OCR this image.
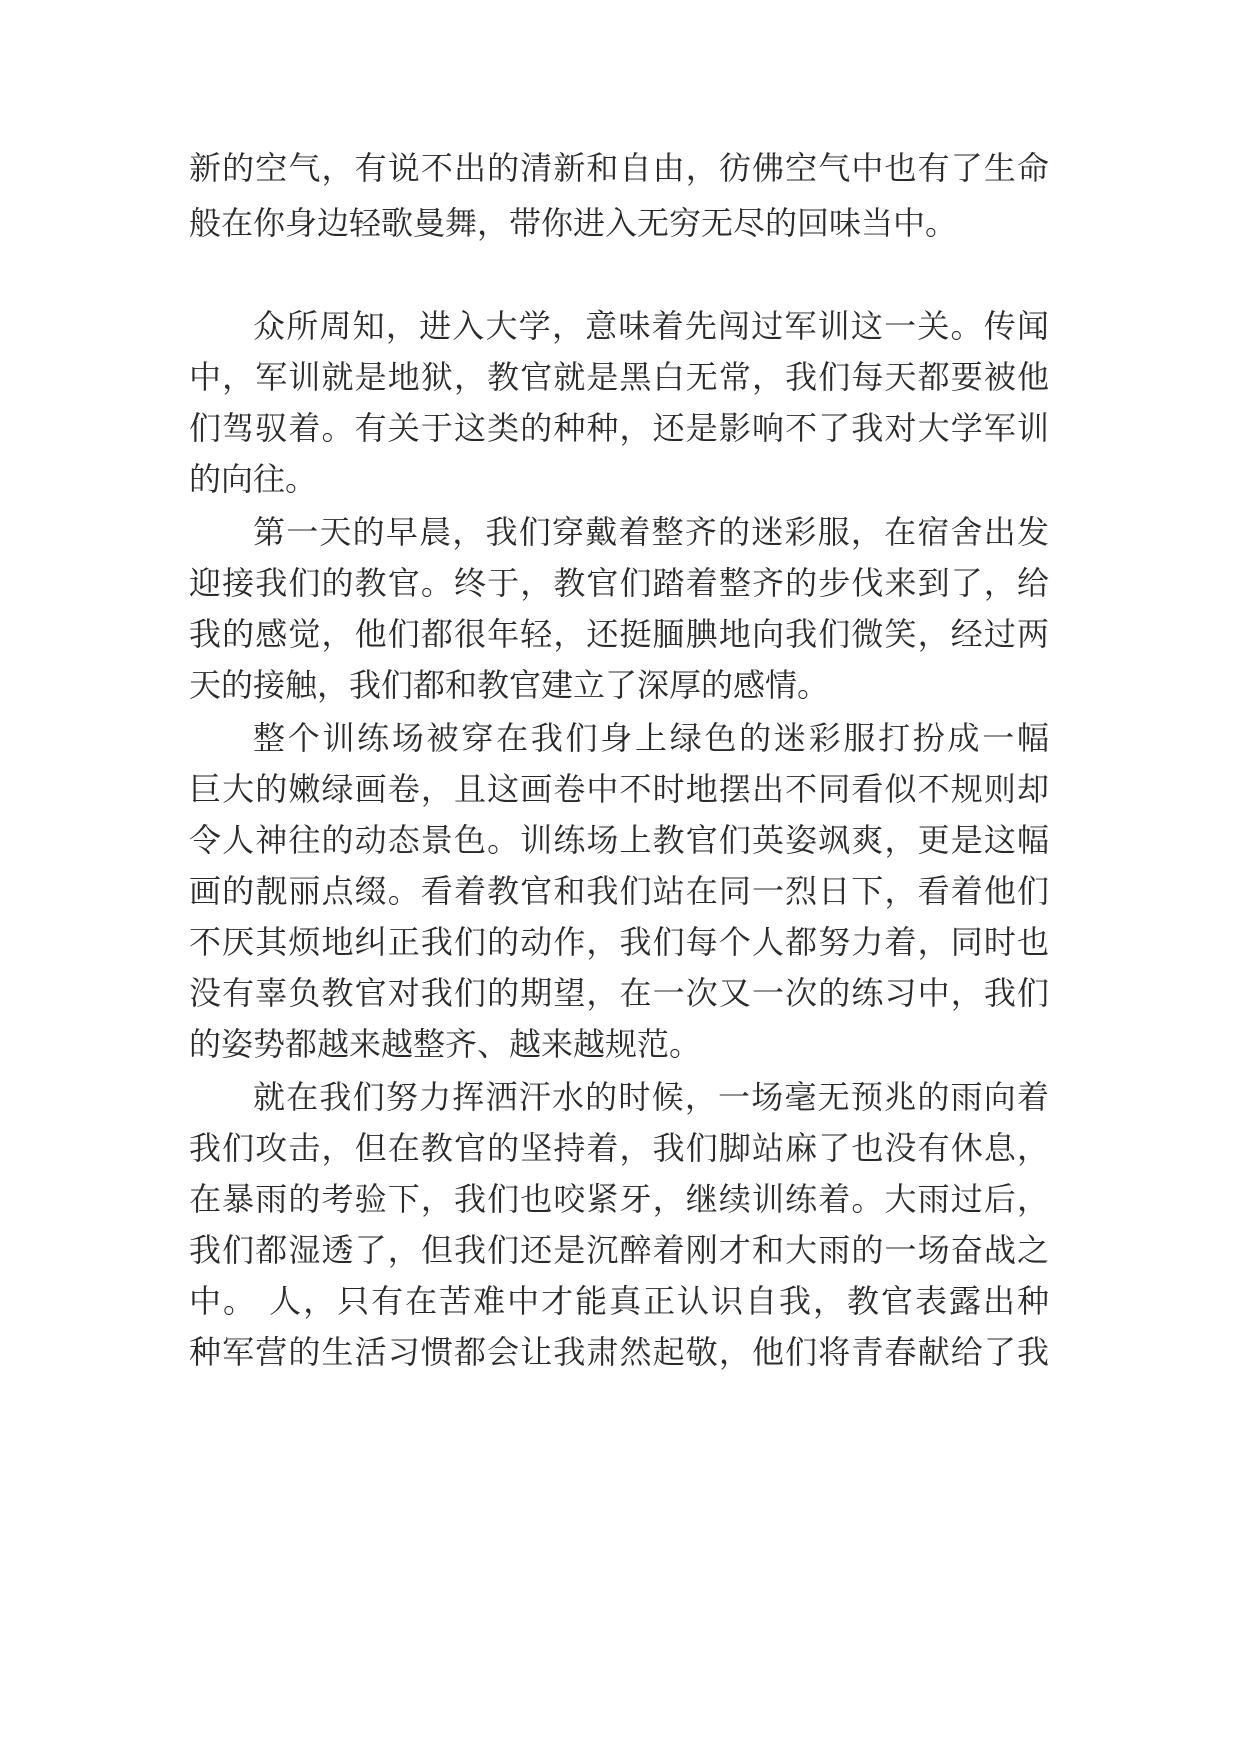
新的空气，有说不出的清新和自由，彷佛空气中也有了生命
般在你身边轻歌曼舞，带你进入无穷无尽的回味当中。
众所周知，进入大学，意味着先闯过军训这一关。传闻
中，军训就是地狱，教官就是黑白无常，我们每天都要被他
们驾驭着。有关于这类的种种，还是影响不了我对大学军训
的向往。
第一天的早晨，我们穿戴着整齐的迷彩服，在宿舍出发
迎接我们的教官。终于，教官们踏着整齐的步伐来到了，给
我的感觉，他们都很年轻，还挺腼腆地向我们微笑，经过两
天的接触，我们都和教官建立了深厚的感情。
整个训练场被穿在我们身上绿色的迷彩服打扮成一幅
巨大的嫩绿画卷，且这画卷中不时地摆出不同看似不规则却
令人神往的动态景色。训练场上教官们英姿飒爽，更是这幅
画的靓丽点缀。看着教官和我们站在同一烈日下，看着他们
不厌其烦地纠正我们的动作，我们每个人都努力着，同时也
没有辜负教官对我们的期望，在一次又一次的练习中，我们
的姿势都越来越整齐、越来越规范。
就在我们努力挥洒汗水的时候，一场毫无预兆的雨向着
我们攻击，但在教官的坚持着，我们脚站麻了也没有休息，
在暴雨的考验下，我们也咬紧牙，继续训练着。大雨过后，
我们都湿透了，但我们还是沉醉着刚才和大雨的一场奋战之
中。 人，只有在苦难中才能真正认识自我，教官表露出种
种军营的生活习惯都会让我肃然起敬，他们将青春献给了我
